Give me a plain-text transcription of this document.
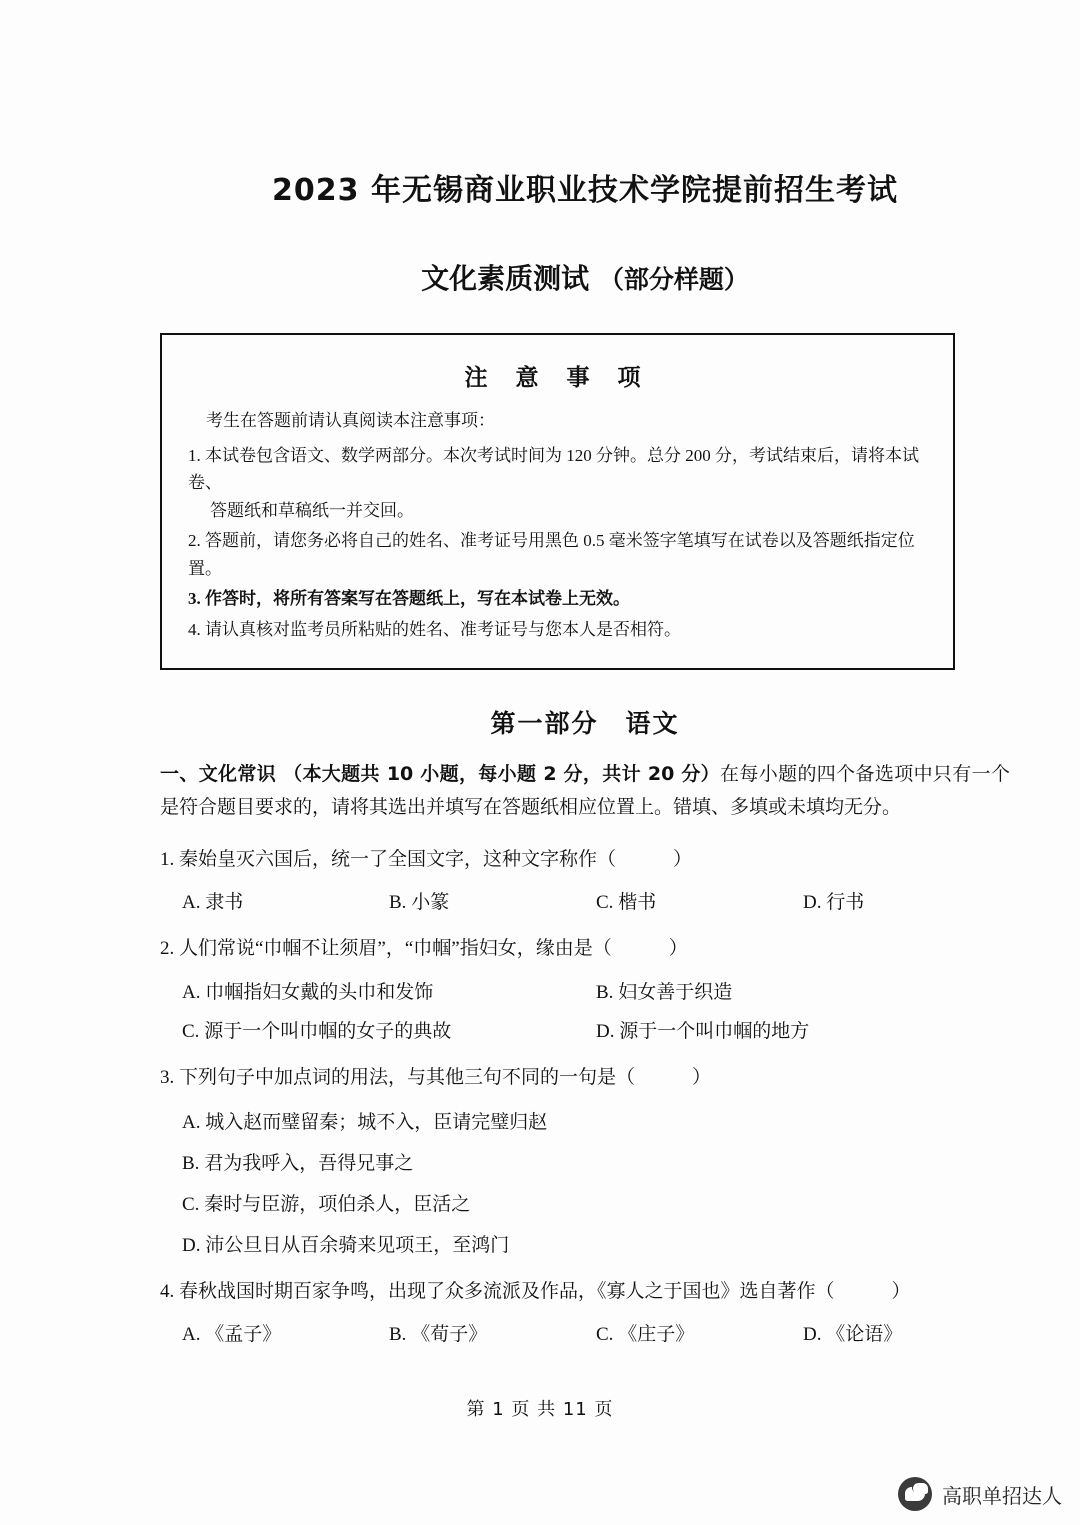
2023 年无锡商业职业技术学院提前招生考试
文化素质测试 （部分样题）
注 意 事 项
考生在答题前请认真阅读本注意事项：
1. 本试卷包含语文、数学两部分。本次考试时间为 120 分钟。总分 200 分，考试结束后，请将本试卷、
答题纸和草稿纸一并交回。
2. 答题前，请您务必将自己的姓名、准考证号用黑色 0.5 毫米签字笔填写在试卷以及答题纸指定位置。
3. 作答时，将所有答案写在答题纸上，写在本试卷上无效。
4. 请认真核对监考员所粘贴的姓名、准考证号与您本人是否相符。
第一部分　语文
一、文化常识 （本大题共 10 小题，每小题 2 分，共计 20 分）在每小题的四个备选项中只有一个是符合题目要求的，请将其选出并填写在答题纸相应位置上。错填、多填或未填均无分。
1. 秦始皇灭六国后，统一了全国文字，这种文字称作（　　　）
A. 隶书	B. 小篆	C. 楷书	D. 行书
2. 人们常说“巾帼不让须眉”，“巾帼”指妇女，缘由是（　　　）
A. 巾帼指妇女戴的头巾和发饰	B. 妇女善于织造
C. 源于一个叫巾帼的女子的典故	D. 源于一个叫巾帼的地方
3. 下列句子中加点词的用法，与其他三句不同的一句是（　　　）
A. 城入赵而璧留秦；城不入，臣请完璧归赵
B. 君为我呼入，吾得兄事之
C. 秦时与臣游，项伯杀人，臣活之
D. 沛公旦日从百余骑来见项王，至鸿门
4. 春秋战国时期百家争鸣，出现了众多流派及作品，《寡人之于国也》选自著作（　　　）
A. 《孟子》	B. 《荀子》	C. 《庄子》	D. 《论语》
第 1 页 共 11 页
高职单招达人
